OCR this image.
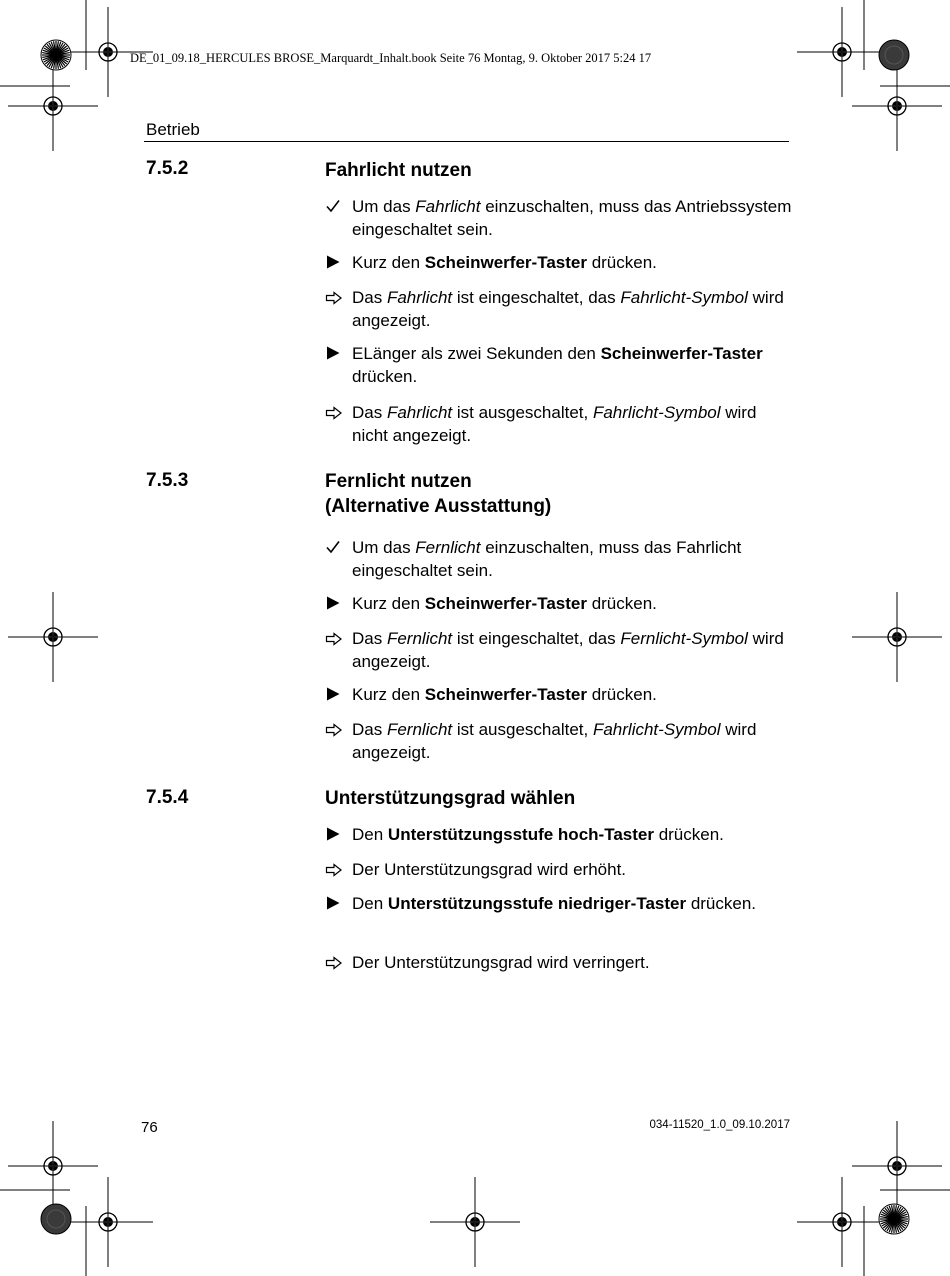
DE_01_09.18_HERCULES BROSE_Marquardt_Inhalt.book Seite 76 Montag, 9. Oktober 2017 5:24 17
Betrieb
7.5.2	Fahrlicht nutzen
Um das Fahrlicht einzuschalten, muss das Antriebssystem eingeschaltet sein.
Kurz den Scheinwerfer-Taster drücken.
Das Fahrlicht ist eingeschaltet, das Fahrlicht-Symbol wird angezeigt.
ELänger als zwei Sekunden den Scheinwerfer-Taster drücken.
Das Fahrlicht ist ausgeschaltet, Fahrlicht-Symbol wird nicht angezeigt.
7.5.3	Fernlicht nutzen
(Alternative Ausstattung)
Um das Fernlicht einzuschalten, muss das Fahrlicht eingeschaltet sein.
Kurz den Scheinwerfer-Taster drücken.
Das Fernlicht ist eingeschaltet, das Fernlicht-Symbol wird angezeigt.
Kurz den Scheinwerfer-Taster drücken.
Das Fernlicht ist ausgeschaltet, Fahrlicht-Symbol wird angezeigt.
7.5.4	Unterstützungsgrad wählen
Den Unterstützungsstufe hoch-Taster drücken.
Der Unterstützungsgrad wird erhöht.
Den Unterstützungsstufe niedriger-Taster drücken.
Der Unterstützungsgrad wird verringert.
76	034-11520_1.0_09.10.2017
